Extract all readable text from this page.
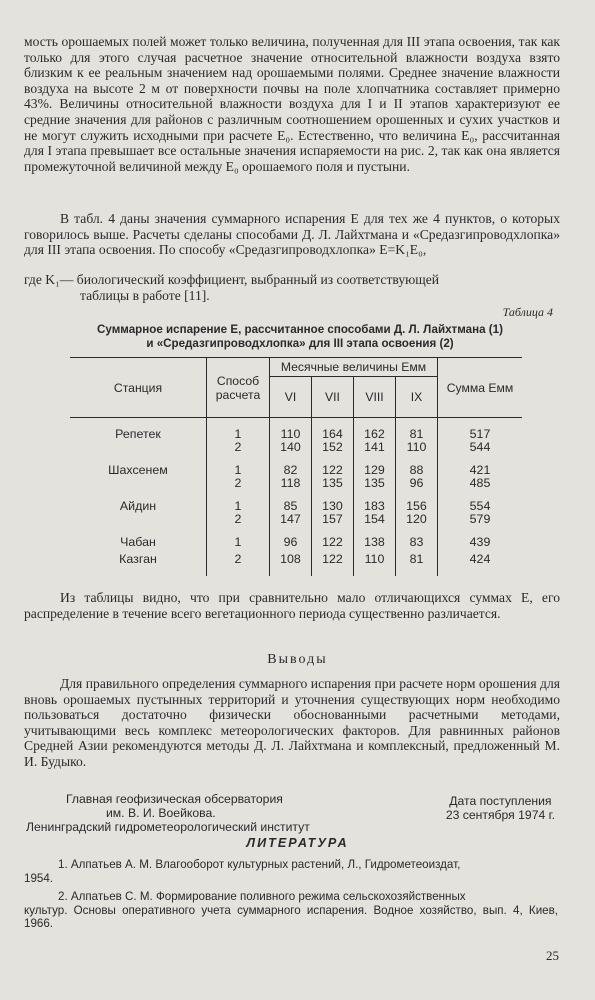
мость орошаемых полей может только величина, полученная для III этапа освоения, так как только для этого случая расчетное значение относительной влажности воздуха взято близким к ее реальным значением над орошаемыми полями. Среднее значение влажности воздуха на высоте 2 м от поверхности почвы на поле хлопчатника составляет примерно 43%. Величины относительной влажности воздуха для I и II этапов характеризуют ее средние значения для районов с различным соотношением орошенных и сухих участков и не могут служить исходными при расчете E₀. Естественно, что величина E₀, рассчитанная для I этапа превышает все остальные значения испаряемости на рис. 2, так как она является промежуточной величиной между E₀ орошаемого поля и пустыни.

В табл. 4 даны значения суммарного испарения E для тех же 4 пунктов, о которых говорилось выше. Расчеты сделаны способами Д. Л. Лайхтмана и «Средазгипроводхлопка» для III этапа освоения. По способу «Средазгипроводхлопка» E=K₁E₀,

где K₁— биологический коэффициент, выбранный из соответствующей
таблицы в работе [11].

Таблица 4
Суммарное испарение E, рассчитанное способами Д. Л. Лайхтмана (1)
и «Средазгипроводхлопка» для III этапа освоения (2)
Станция	Способ расчета	Месячные величины Eмм				Сумма Eмм
		VI	VII	VIII	IX	

Репетек	1	110	164	162	81	517
	2	140	152	141	110	544

Шахсенем	1	82	122	129	88	421
	2	118	135	135	96	485

Айдин	1	85	130	183	156	554
	2	147	157	154	120	579

Чабан	1	96	122	138	83	439

Казган	2	108	122	110	81	424

Из таблицы видно, что при сравнительно мало отличающихся суммах E, его распределение в течение всего вегетационного периода существенно различается.

Выводы

Для правильного определения суммарного испарения при расчете норм орошения для вновь орошаемых пустынных территорий и уточнения существующих норм необходимо пользоваться достаточно физически обоснованными расчетными методами, учитывающими весь комплекс метеорологических факторов. Для равнинных районов Средней Азии рекомендуются методы Д. Л. Лайхтмана и комплексный, предложенный М. И. Будыко.

Главная геофизическая обсерватория
им. В. И. Воейкова.
Ленинградский гидрометеорологический институт
Дата поступления
23 сентября 1974 г.
ЛИТЕРАТУРА
1. Алпатьев А. М. Влагооборот культурных растений, Л., Гидрометеоиздат,
1954.
2. Алпатьев С. М. Формирование поливного режима сельскохозяйственных
культур. Основы оперативного учета суммарного испарения. Водное хозяйство, вып. 4, Киев, 1966.
25
